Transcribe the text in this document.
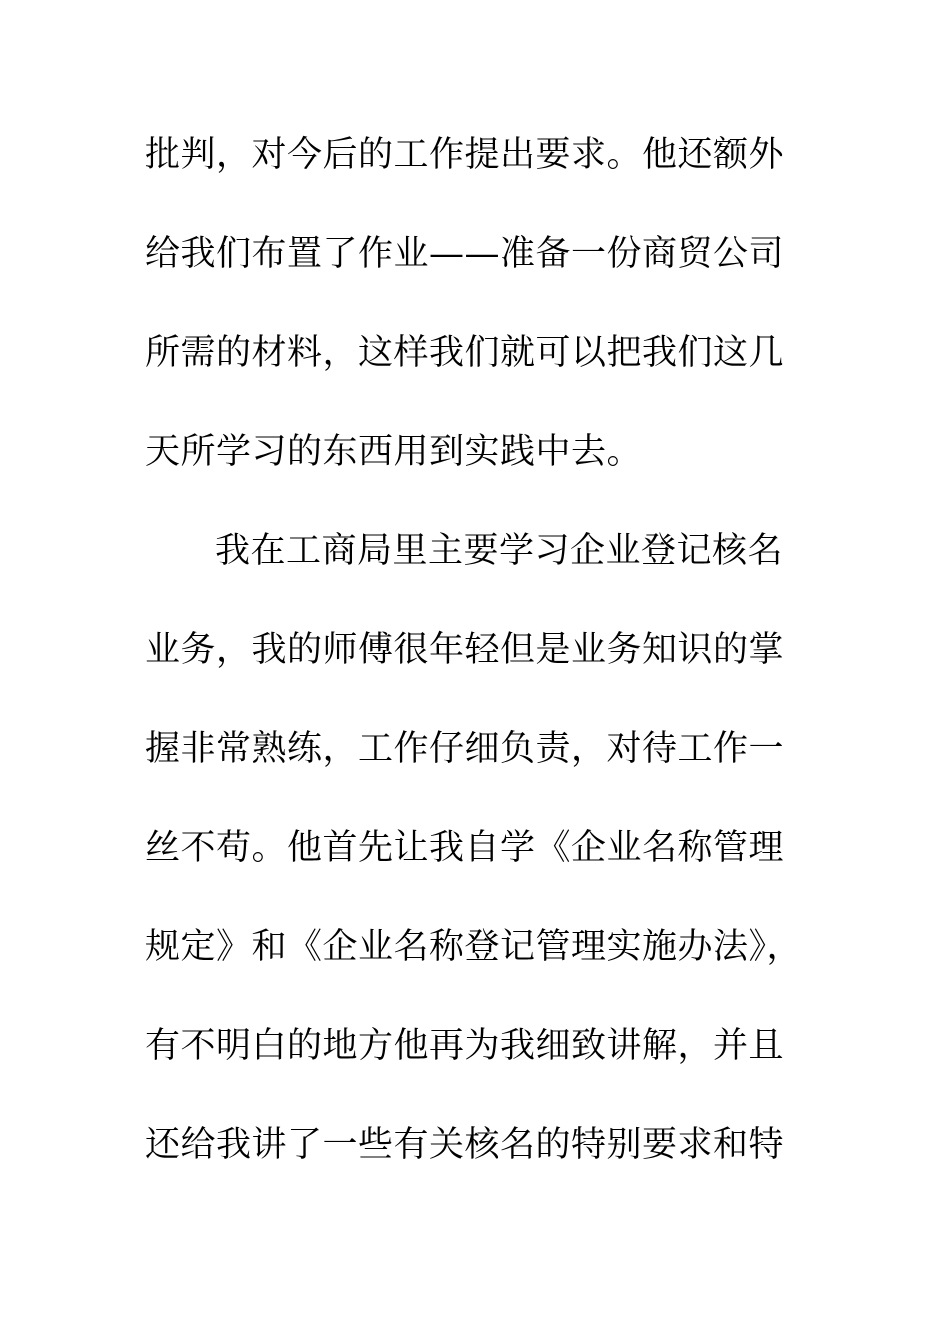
批判，对今后的工作提出要求。他还额外
给我们布置了作业——准备一份商贸公司
所需的材料，这样我们就可以把我们这几
天所学习的东西用到实践中去。
我在工商局里主要学习企业登记核名
业务，我的师傅很年轻但是业务知识的掌
握非常熟练，工作仔细负责，对待工作一
丝不苟。他首先让我自学《企业名称管理
规定》和《企业名称登记管理实施办法》，
有不明白的地方他再为我细致讲解，并且
还给我讲了一些有关核名的特别要求和特
